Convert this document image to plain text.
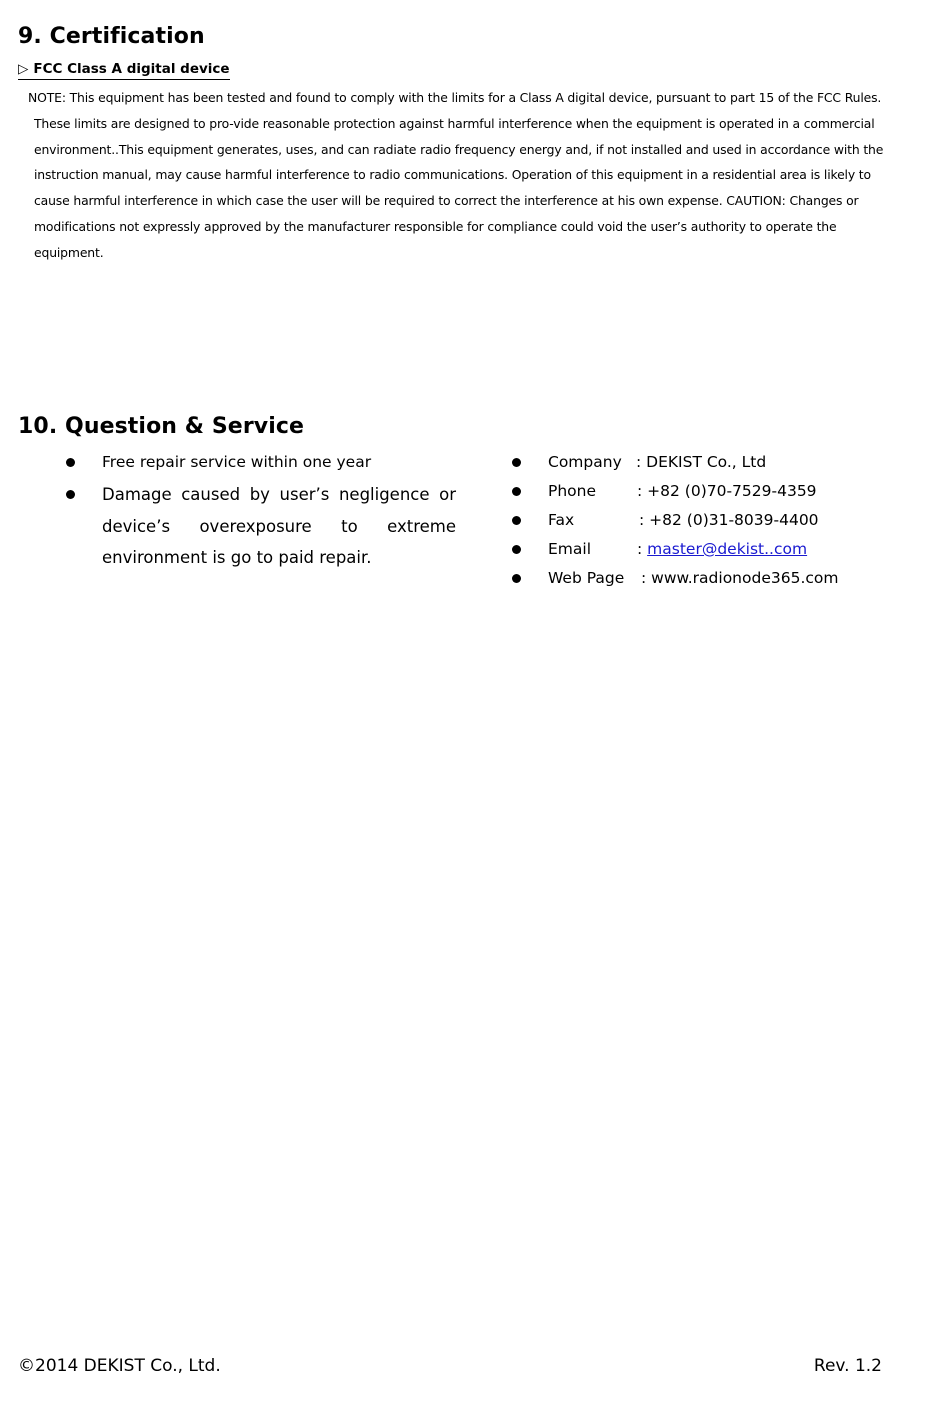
9. Certification
▷ FCC Class A digital device
NOTE: This equipment has been tested and found to comply with the limits for a Class A digital device, pursuant to part 15 of the FCC Rules. These limits are designed to pro-vide reasonable protection against harmful interference when the equipment is operated in a commercial environment..This equipment generates, uses, and can radiate radio frequency energy and, if not installed and used in accordance with the instruction manual, may cause harmful interference to radio communications. Operation of this equipment in a residential area is likely to cause harmful interference in which case the user will be required to correct the interference at his own expense. CAUTION: Changes or modifications not expressly approved by the manufacturer responsible for compliance could void the user’s authority to operate the equipment.
10. Question & Service
Free repair service within one year
Damage caused by user’s negligence or device’s overexposure to extreme environment is go to paid repair.
Company : DEKIST Co., Ltd
Phone	: +82 (0)70-7529-4359
Fax	: +82 (0)31-8039-4400
Email	: master@dekist..com
Web Page : www.radionode365.com
©2014 DEKIST Co., Ltd.	Rev. 1.2
